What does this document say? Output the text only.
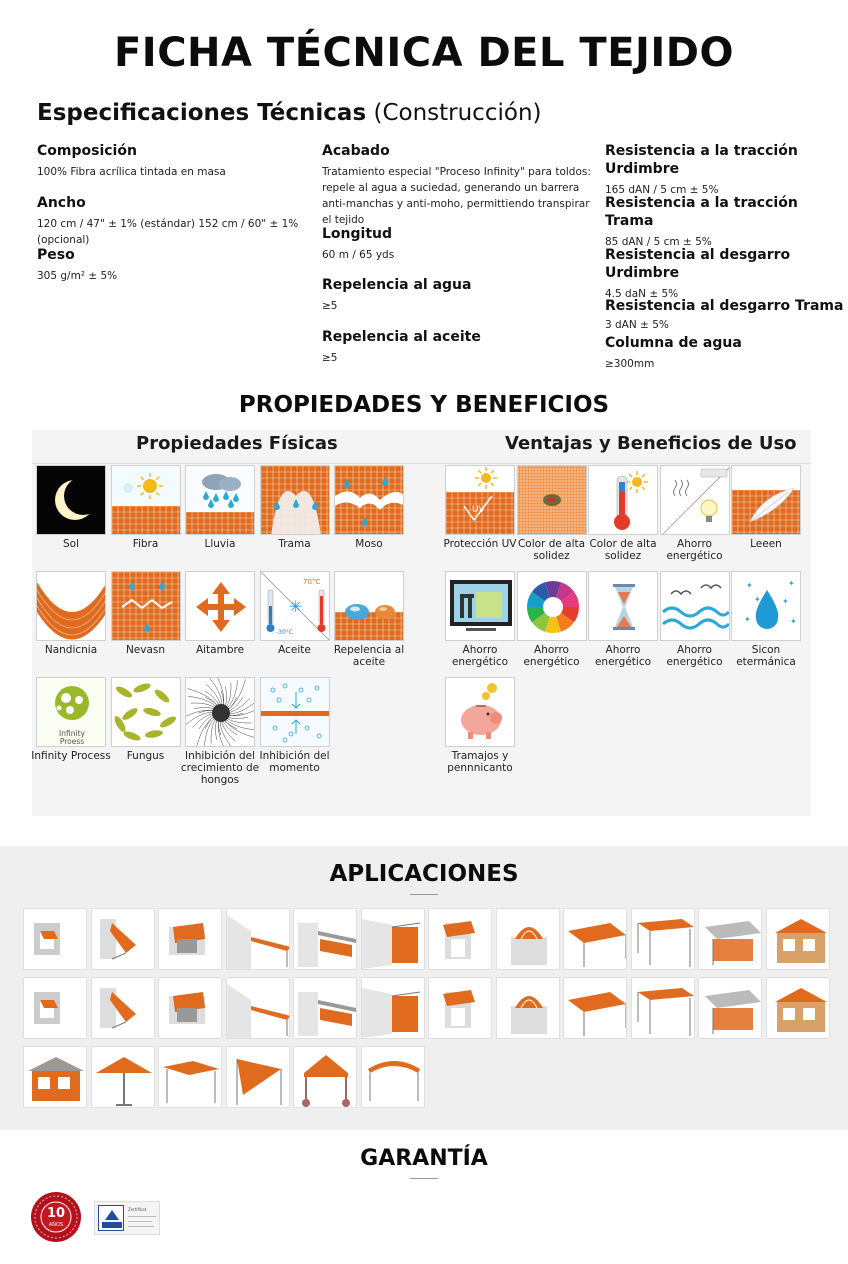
FICHA TÉCNICA DEL TEJIDO
Especificaciones Técnicas (Construcción)
Composición
100% Fibra acrílica tintada en masa
Ancho
120 cm / 47" ± 1% (estándar) 152 cm / 60" ± 1% (opcional)
Peso
305 g/m² ± 5%
Acabado
Tratamiento especial "Proceso Infinity" para toldos: repele al agua a suciedad, generando un barrera anti-manchas y anti-moho, permittiendo transpirar el tejido
Longitud
60 m / 65 yds
Repelencia al agua
≥5
Repelencia al aceite
≥5
Resistencia a la tracción Urdimbre
165 dAN / 5 cm ± 5%
Resistencia a la tracción Trama
85 dAN / 5 cm ± 5%
Resistencia al desgarro Urdimbre
4.5 daN ± 5%
Resistencia al desgarro Trama
3 dAN ± 5%
Columna de agua
≥300mm
PROPIEDADES Y BENEFICIOS
Propiedades Físicas	Ventajas y Beneficios de Uso
APLICACIONES
GARANTÍA
10
AÑOS
Zertifikat
Sol	Fibra	Lluvia	Trama	Moso
Nandicnia	Nevasn	Aitambre
70°C
-30°C
✳
Aceite	Repelencia al aceite
Infinity
Proess
Infinity Process	Fungus	Inhibición del crecimiento de hongos
Inhibición del momento
UV
Protección UV Color de alta solidez
Color de alta solidez
Ahorro energético
Leeen
Ahorro energético
Ahorro energético
Ahorro energético
Ahorro energético
✦	✦
✦	✦
✦	✦
Sicon etermánica
Tramajos y pennnicanto
